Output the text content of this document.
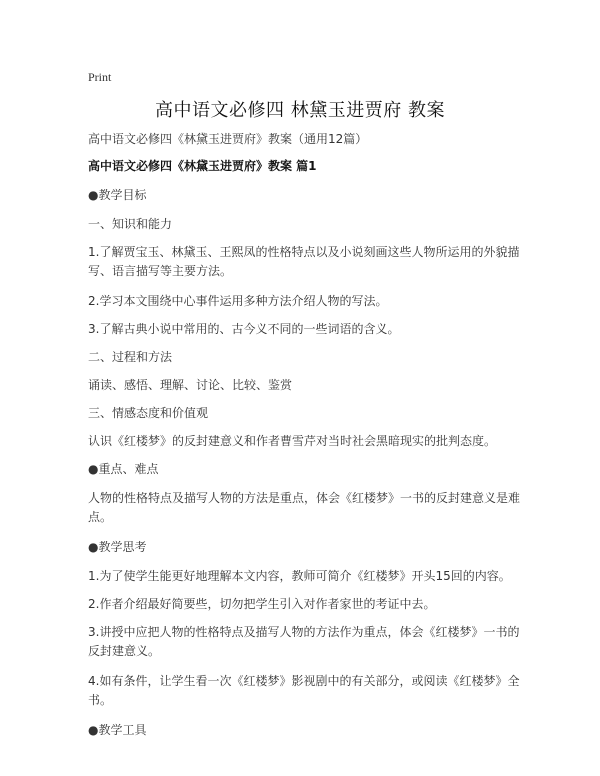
Print
高中语文必修四 林黛玉进贾府 教案

高中语文必修四《林黛玉进贾府》教案（通用12篇）

高中语文必修四《林黛玉进贾府》教案 篇1

●教学目标

一、知识和能力

1.了解贾宝玉、林黛玉、王熙凤的性格特点以及小说刻画这些人物所运用的外貌描写、语言描写等主要方法。

2.学习本文围绕中心事件运用多种方法介绍人物的写法。

3.了解古典小说中常用的、古今义不同的一些词语的含义。

二、过程和方法

诵读、感悟、理解、讨论、比较、鉴赏

三、情感态度和价值观

认识《红楼梦》的反封建意义和作者曹雪芹对当时社会黑暗现实的批判态度。

●重点、难点

人物的性格特点及描写人物的方法是重点，体会《红楼梦》一书的反封建意义是难点。

●教学思考

1.为了使学生能更好地理解本文内容，教师可简介《红楼梦》开头15回的内容。

2.作者介绍最好简要些，切勿把学生引入对作者家世的考证中去。

3.讲授中应把人物的性格特点及描写人物的方法作为重点，体会《红楼梦》一书的反封建意义。

4.如有条件，让学生看一次《红楼梦》影视剧中的有关部分，或阅读《红楼梦》全书。

●教学工具
